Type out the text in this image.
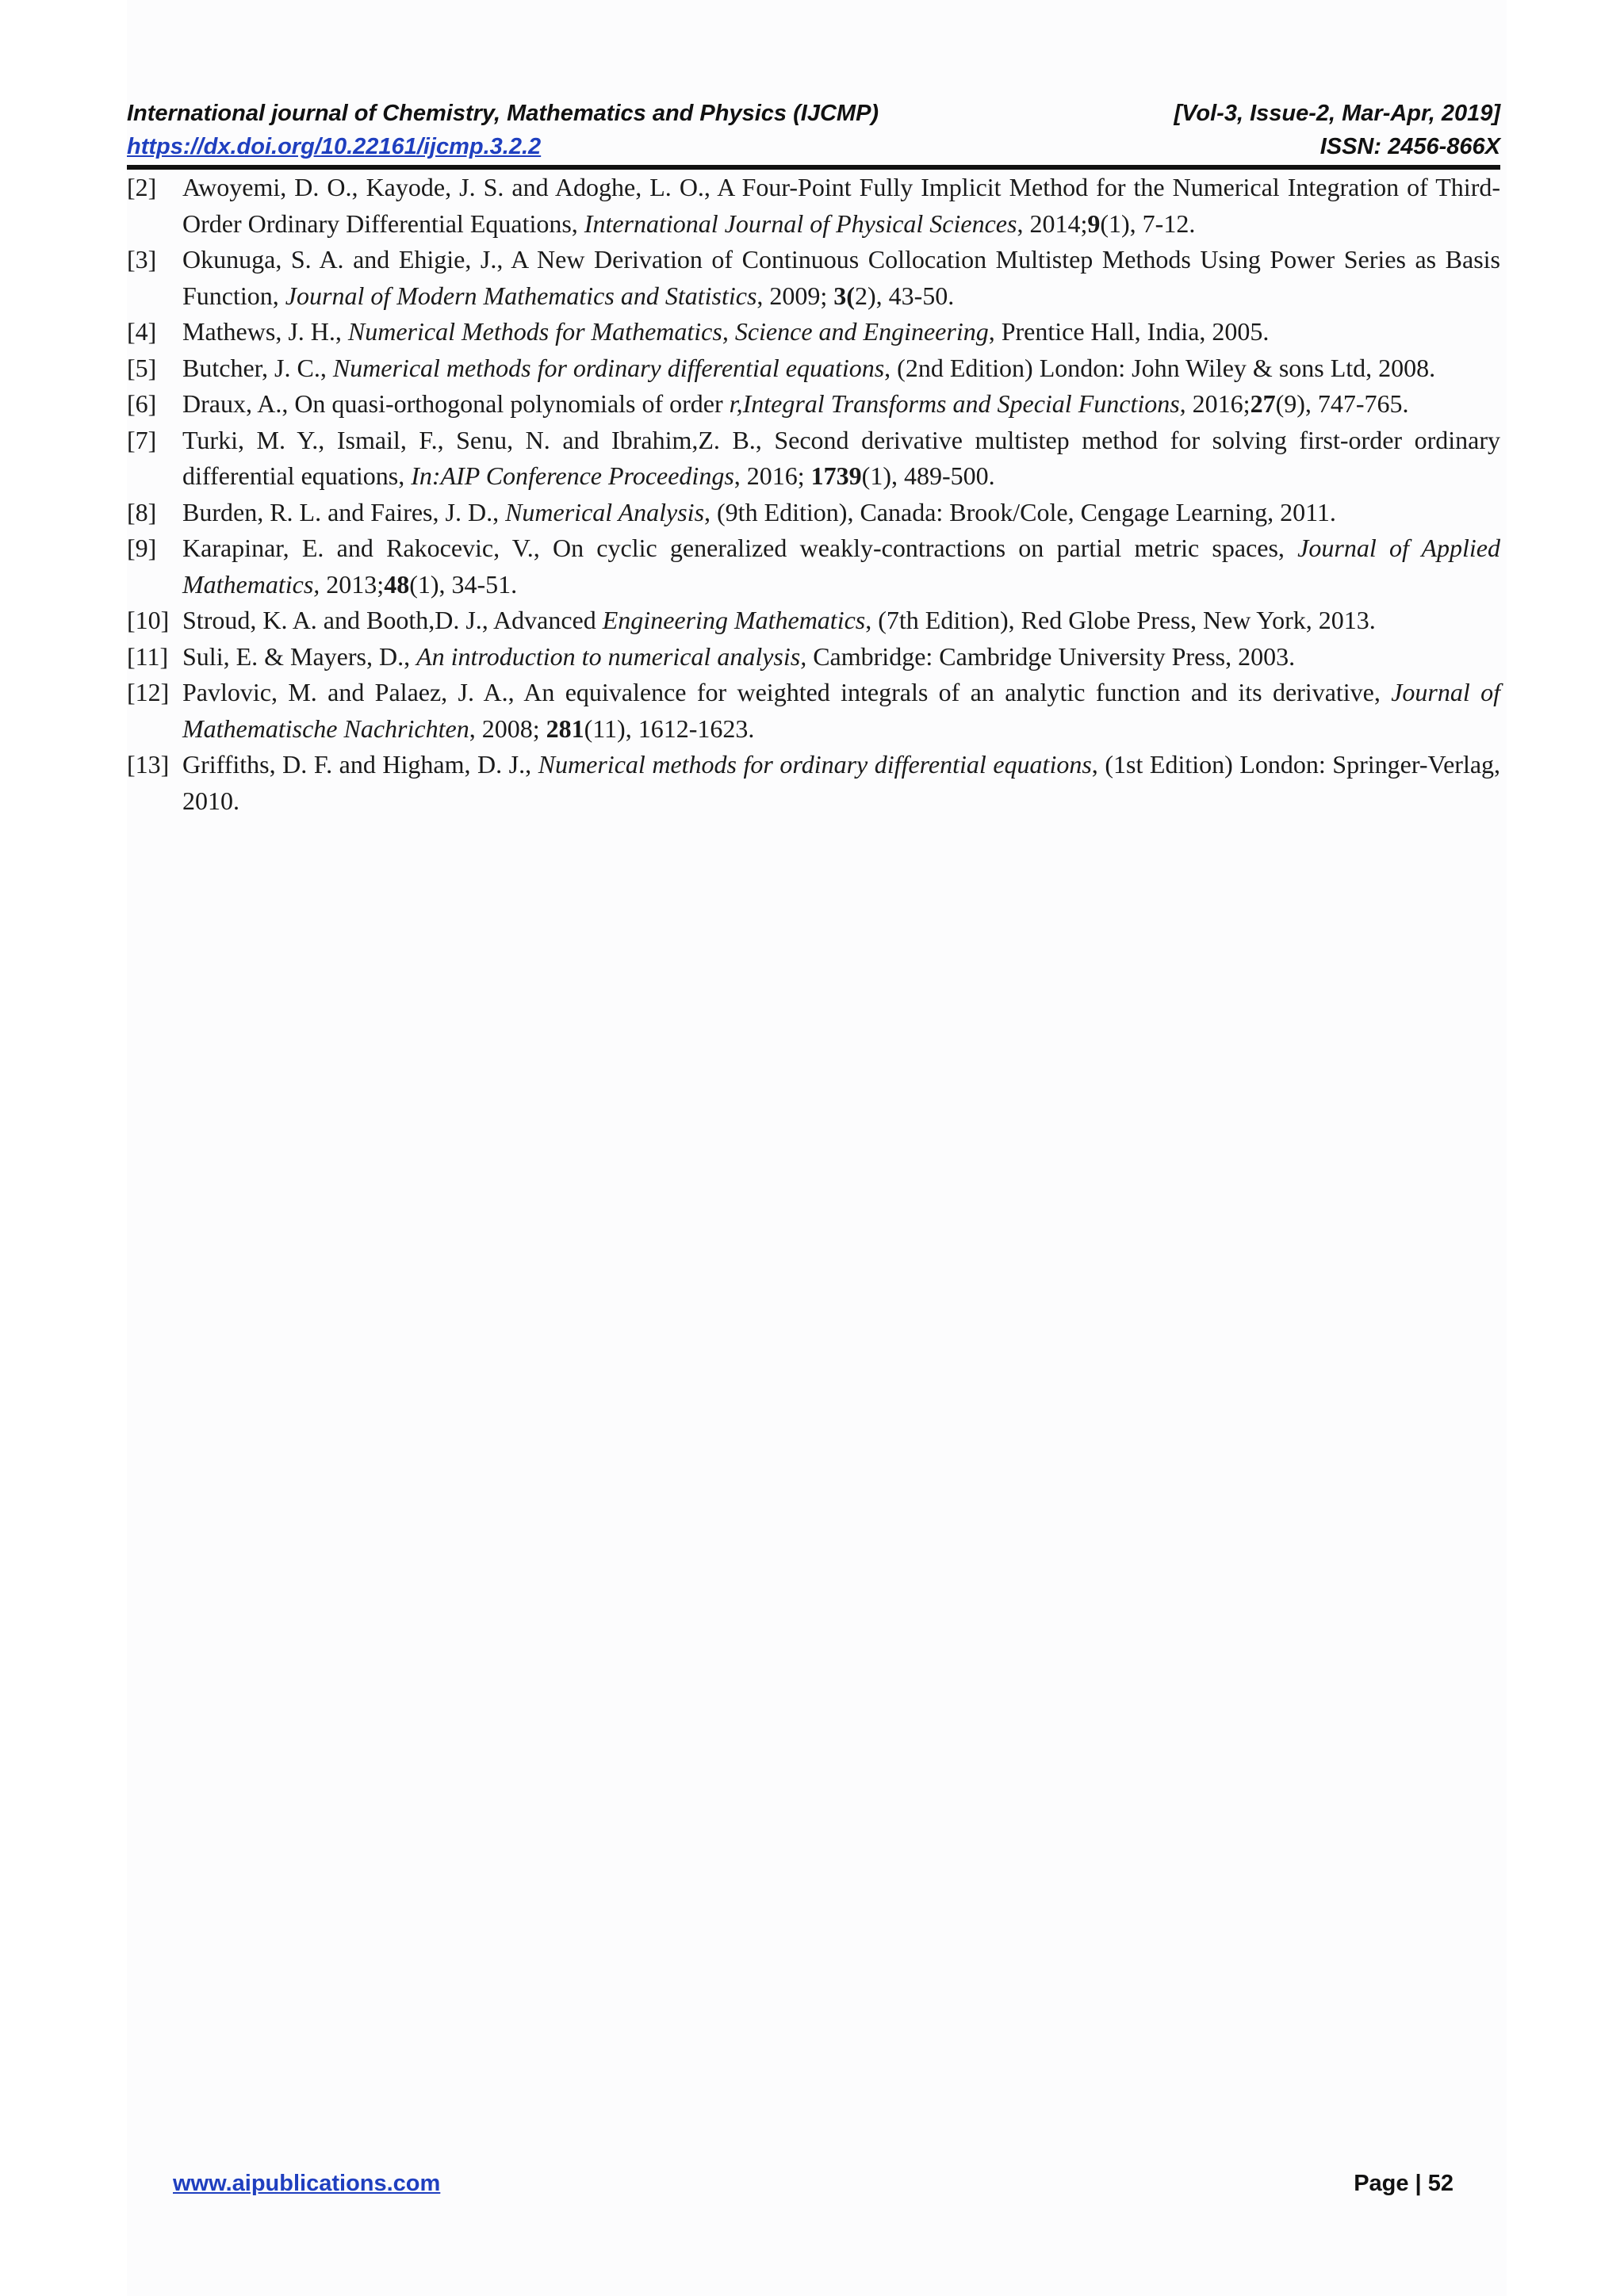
International journal of Chemistry, Mathematics and Physics (IJCMP)	[Vol-3, Issue-2, Mar-Apr, 2019]
https://dx.doi.org/10.22161/ijcmp.3.2.2	ISSN: 2456-866X
[2]	Awoyemi, D. O., Kayode, J. S. and Adoghe, L. O., A Four-Point Fully Implicit Method for the Numerical Integration of Third-Order Ordinary Differential Equations, International Journal of Physical Sciences, 2014;9(1), 7-12.
[3]	Okunuga, S. A. and Ehigie, J., A New Derivation of Continuous Collocation Multistep Methods Using Power Series as Basis Function, Journal of Modern Mathematics and Statistics, 2009; 3(2), 43-50.
[4]	Mathews, J. H., Numerical Methods for Mathematics, Science and Engineering, Prentice Hall, India, 2005.
[5]	Butcher, J. C., Numerical methods for ordinary differential equations, (2nd Edition) London: John Wiley & sons Ltd, 2008.
[6]	Draux, A., On quasi-orthogonal polynomials of order r,Integral Transforms and Special Functions, 2016;27(9), 747-765.
[7]	Turki, M. Y., Ismail, F., Senu, N. and Ibrahim,Z. B., Second derivative multistep method for solving first-order ordinary differential equations, In:AIP Conference Proceedings, 2016; 1739(1), 489-500.
[8]	Burden, R. L. and Faires, J. D., Numerical Analysis, (9th Edition), Canada: Brook/Cole, Cengage Learning, 2011.
[9]	Karapinar, E. and Rakocevic, V., On cyclic generalized weakly-contractions on partial metric spaces, Journal of Applied Mathematics, 2013;48(1), 34-51.
[10] Stroud, K. A. and Booth,D. J., Advanced Engineering Mathematics, (7th Edition), Red Globe Press, New York, 2013.
[11] Suli, E. & Mayers, D., An introduction to numerical analysis, Cambridge: Cambridge University Press, 2003.
[12] Pavlovic, M. and Palaez, J. A., An equivalence for weighted integrals of an analytic function and its derivative, Journal of Mathematische Nachrichten, 2008; 281(11), 1612-1623.
[13] Griffiths, D. F. and Higham, D. J., Numerical methods for ordinary differential equations, (1st Edition) London: Springer-Verlag, 2010.
www.aipublications.com	Page | 52
